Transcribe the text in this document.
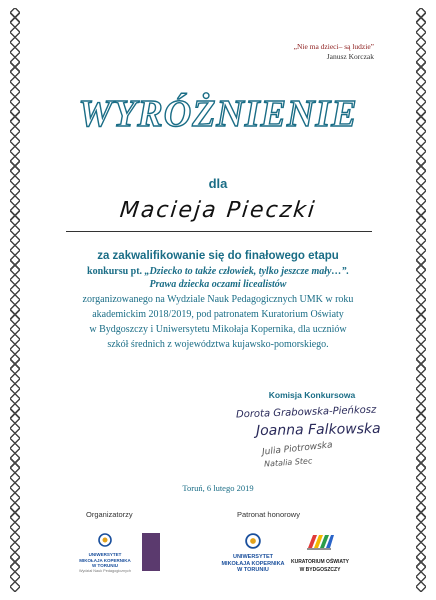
„Nie ma dzieci– są ludzie”
Janusz Korczak
WYRÓŻNIENIE
dla
Macieja Pieczki

za zakwalifikowanie się do finałowego etapu

konkursu pt. „Dziecko to także człowiek, tylko jeszcze mały…”.

Prawa dziecka oczami licealistów

zorganizowanego na Wydziale Nauk Pedagogicznych UMK w roku
akademickim 2018/2019, pod patronatem Kuratorium Oświaty
w Bydgoszczy i Uniwersytetu Mikołaja Kopernika, dla uczniów
szkół średnich z województwa kujawsko-pomorskiego.

Komisja Konkursowa
Dorota Grabowska-Pieńkosz
Joanna Falkowska
Julia Piotrowska
Natalia Stec
Toruń, 6 lutego 2019
Organizatorzy	Patronat honorowy
UNIWERSYTET
MIKOŁAJA KOPERNIKA
W TORUNIU
Wydział Nauk Pedagogicznych
UNIWERSYTET
MIKOŁAJA KOPERNIKA
W TORUNIU
KURATORIUM OŚWIATY
W BYDGOSZCZY
